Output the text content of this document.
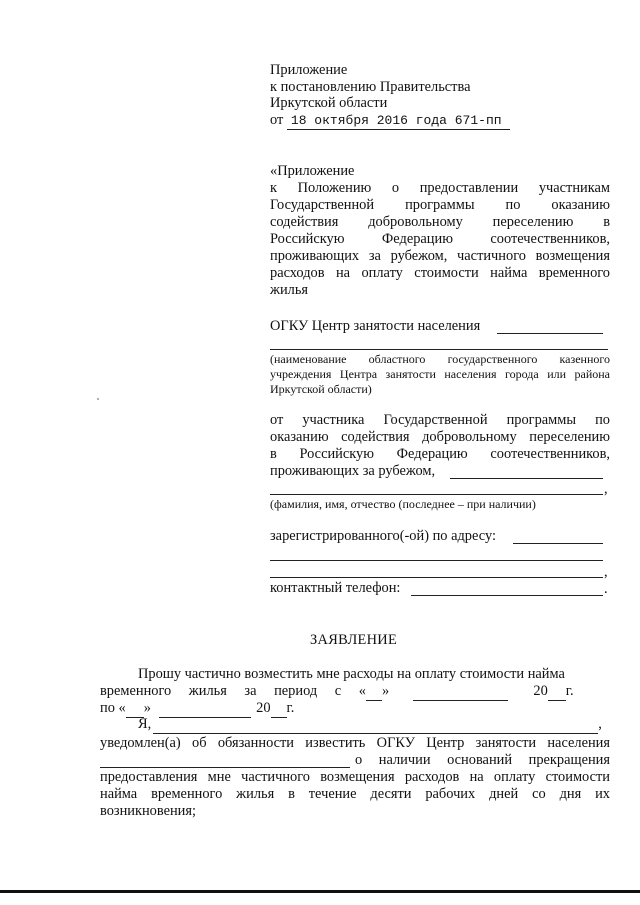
Приложение
к постановлению Правительства
Иркутской области
от 18 октября 2016 года 671-пп
«Приложение
к Положению о предоставлении участникам
Государственной программы по оказанию
содействия добровольному переселению в
Российскую Федерацию соотечественников,
проживающих за рубежом, частичного возмещения
расходов на оплату стоимости найма временного
жилья
ОГКУ Центр занятости населения
(наименование областного государственного казенного
учреждения Центра занятости населения города или района
Иркутской области)
от участника Государственной программы по
оказанию содействия добровольному переселению
в Российскую Федерацию соотечественников,
проживающих за рубежом,
,
(фамилия, имя, отчество (последнее – при наличии)
зарегистрированного(-ой) по адресу:
,
контактный телефон:	.
ЗАЯВЛЕНИЕ
Прошу частично возместить мне расходы на оплату стоимости найма
временного жилья за период с « »	20 г.
по « »	20 г.
Я,	,
уведомлен(а) об обязанности известить ОГКУ Центр занятости населения
о наличии оснований прекращения
предоставления мне частичного возмещения расходов на оплату стоимости
найма временного жилья в течение десяти рабочих дней со дня их
возникновения;
